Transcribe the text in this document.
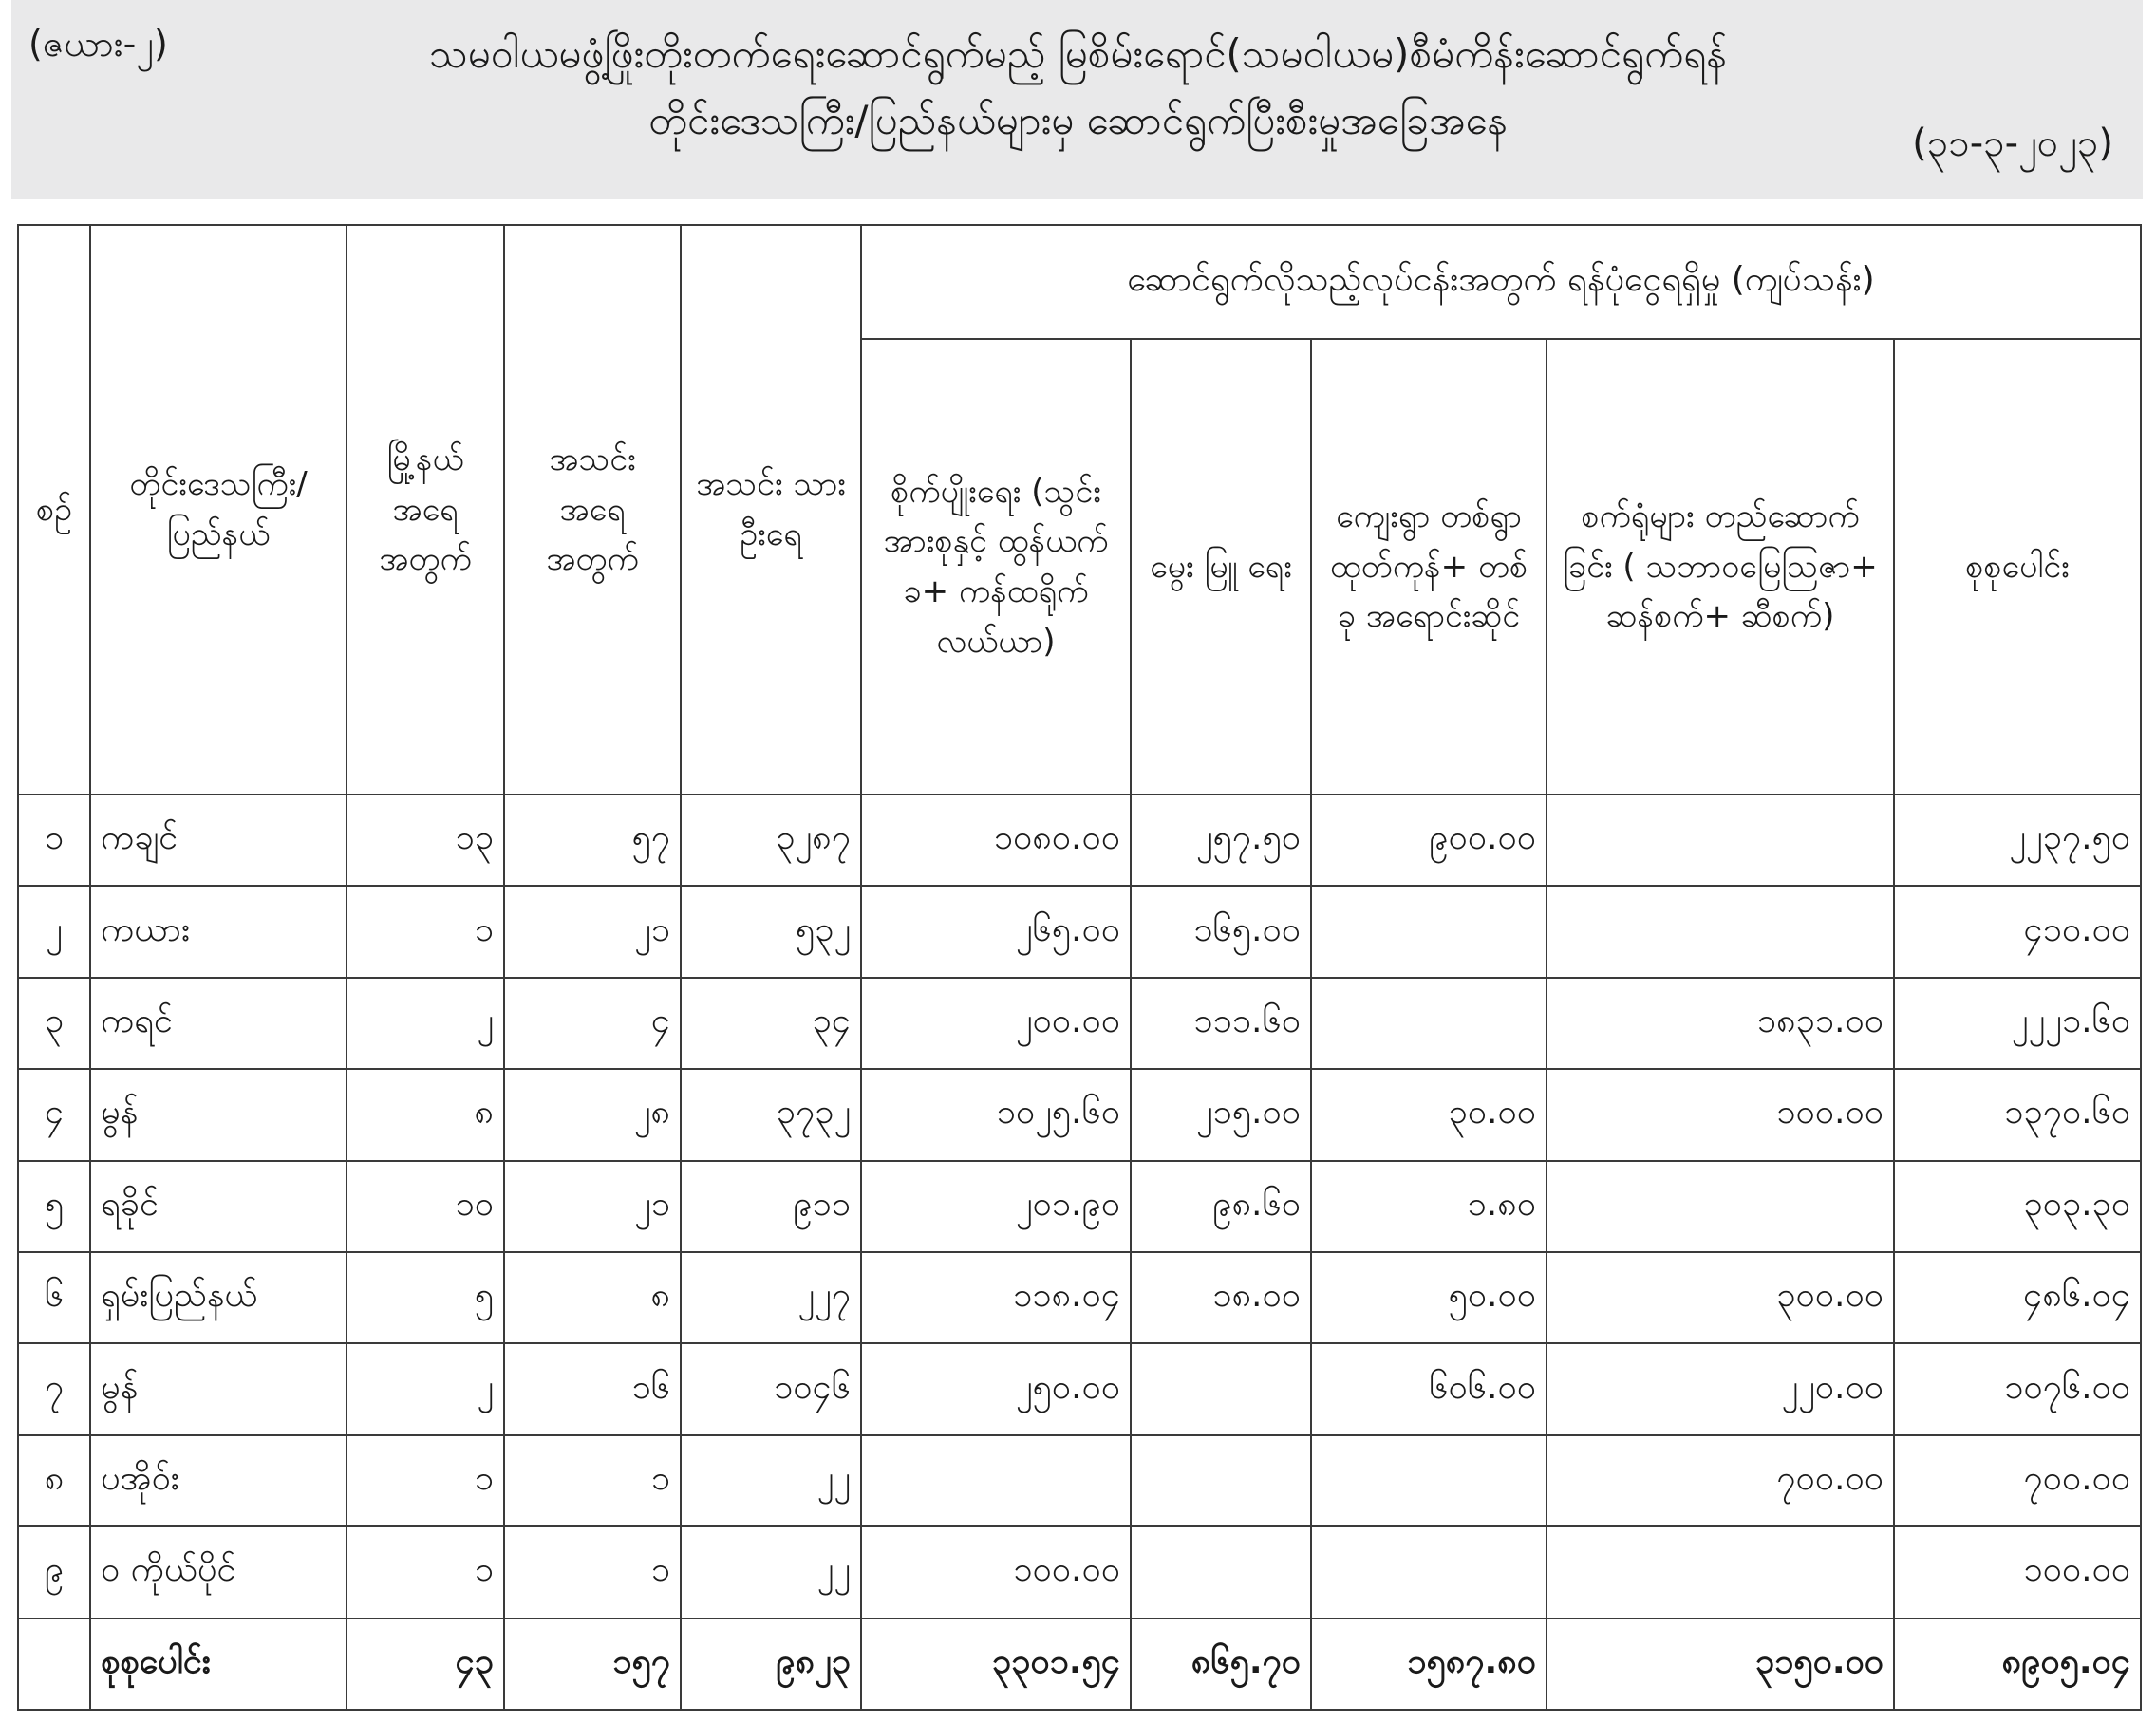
(ဇယား-၂)	သမဝါယမဖွံ့ဖြိုးတိုးတက်ရေးဆောင်ရွက်မည့် မြစိမ်းရောင်(သမဝါယမ)စီမံကိန်းဆောင်ရွက်ရန်
တိုင်းဒေသကြီး/ပြည်နယ်များမှ ဆောင်ရွက်ပြီးစီးမှုအခြေအနေ	(၃၁-၃-၂၀၂၃)
စဉ်	တိုင်းဒေသကြီး/ ပြည်နယ်	မြို့နယ် အရေ အတွက်	အသင်း အရေ အတွက်	အသင်း သား ဦးရေ	ဆောင်ရွက်လိုသည့်လုပ်ငန်းအတွက် ရန်ပုံငွေရရှိမှု (ကျပ်သန်း)				
					စိုက်ပျိုးရေး (သွင်းအားစုနှင့် ထွန်ယက်ခ+ ကန်ထရိုက် လယ်ယာ)	မွေး မြူ ရေး	ကျေးရွာ တစ်ရွာ ထုတ်ကုန်+ တစ်ခု အရောင်းဆိုင်	စက်ရုံများ တည်ဆောက်ခြင်း ( သဘာဝမြေဩဇာ+ ဆန်စက်+ ဆီစက်)	စုစုပေါင်း
၁	ကချင်	၁၃	၅၇	၃၂၈၇	၁၀၈၀.၀၀	၂၅၇.၅၀	၉၀၀.၀၀		၂၂၃၇.၅၀
၂	ကယား	၁	၂၁	၅၃၂	၂၆၅.၀၀	၁၆၅.၀၀			၄၁၀.၀၀
၃	ကရင်	၂	၄	၃၄	၂၀၀.၀၀	၁၁၁.၆၀		၁၈၃၁.၀၀	၂၂၂၁.၆၀
၄	မွန်	၈	၂၈	၃၇၃၂	၁၀၂၅.၆၀	၂၁၅.၀၀	၃၀.၀၀	၁၀၀.၀၀	၁၃၇၀.၆၀
၅	ရခိုင်	၁၀	၂၁	၉၁၁	၂၀၁.၉၀	၉၈.၆၀	၁.၈၀		၃၀၃.၃၀
၆	ရှမ်းပြည်နယ်	၅	၈	၂၂၇	၁၁၈.၀၄	၁၈.၀၀	၅၀.၀၀	၃၀၀.၀၀	၄၈၆.၀၄
၇	မွန်	၂	၁၆	၁၀၄၆	၂၅၀.၀၀		၆၀၆.၀၀	၂၂၀.၀၀	၁၀၇၆.၀၀
၈	ပအိုဝ်း	၁	၁	၂၂				၇၀၀.၀၀	၇၀၀.၀၀
၉	ဝ ကိုယ်ပိုင်	၁	၁	၂၂	၁၀၀.၀၀				၁၀၀.၀၀
	စုစုပေါင်း	၄၃	၁၅၇	၉၈၂၃	၃၃၀၁.၅၄	၈၆၅.၇၀	၁၅၈၇.၈၀	၃၁၅၀.၀၀	၈၉၀၅.၀၄
